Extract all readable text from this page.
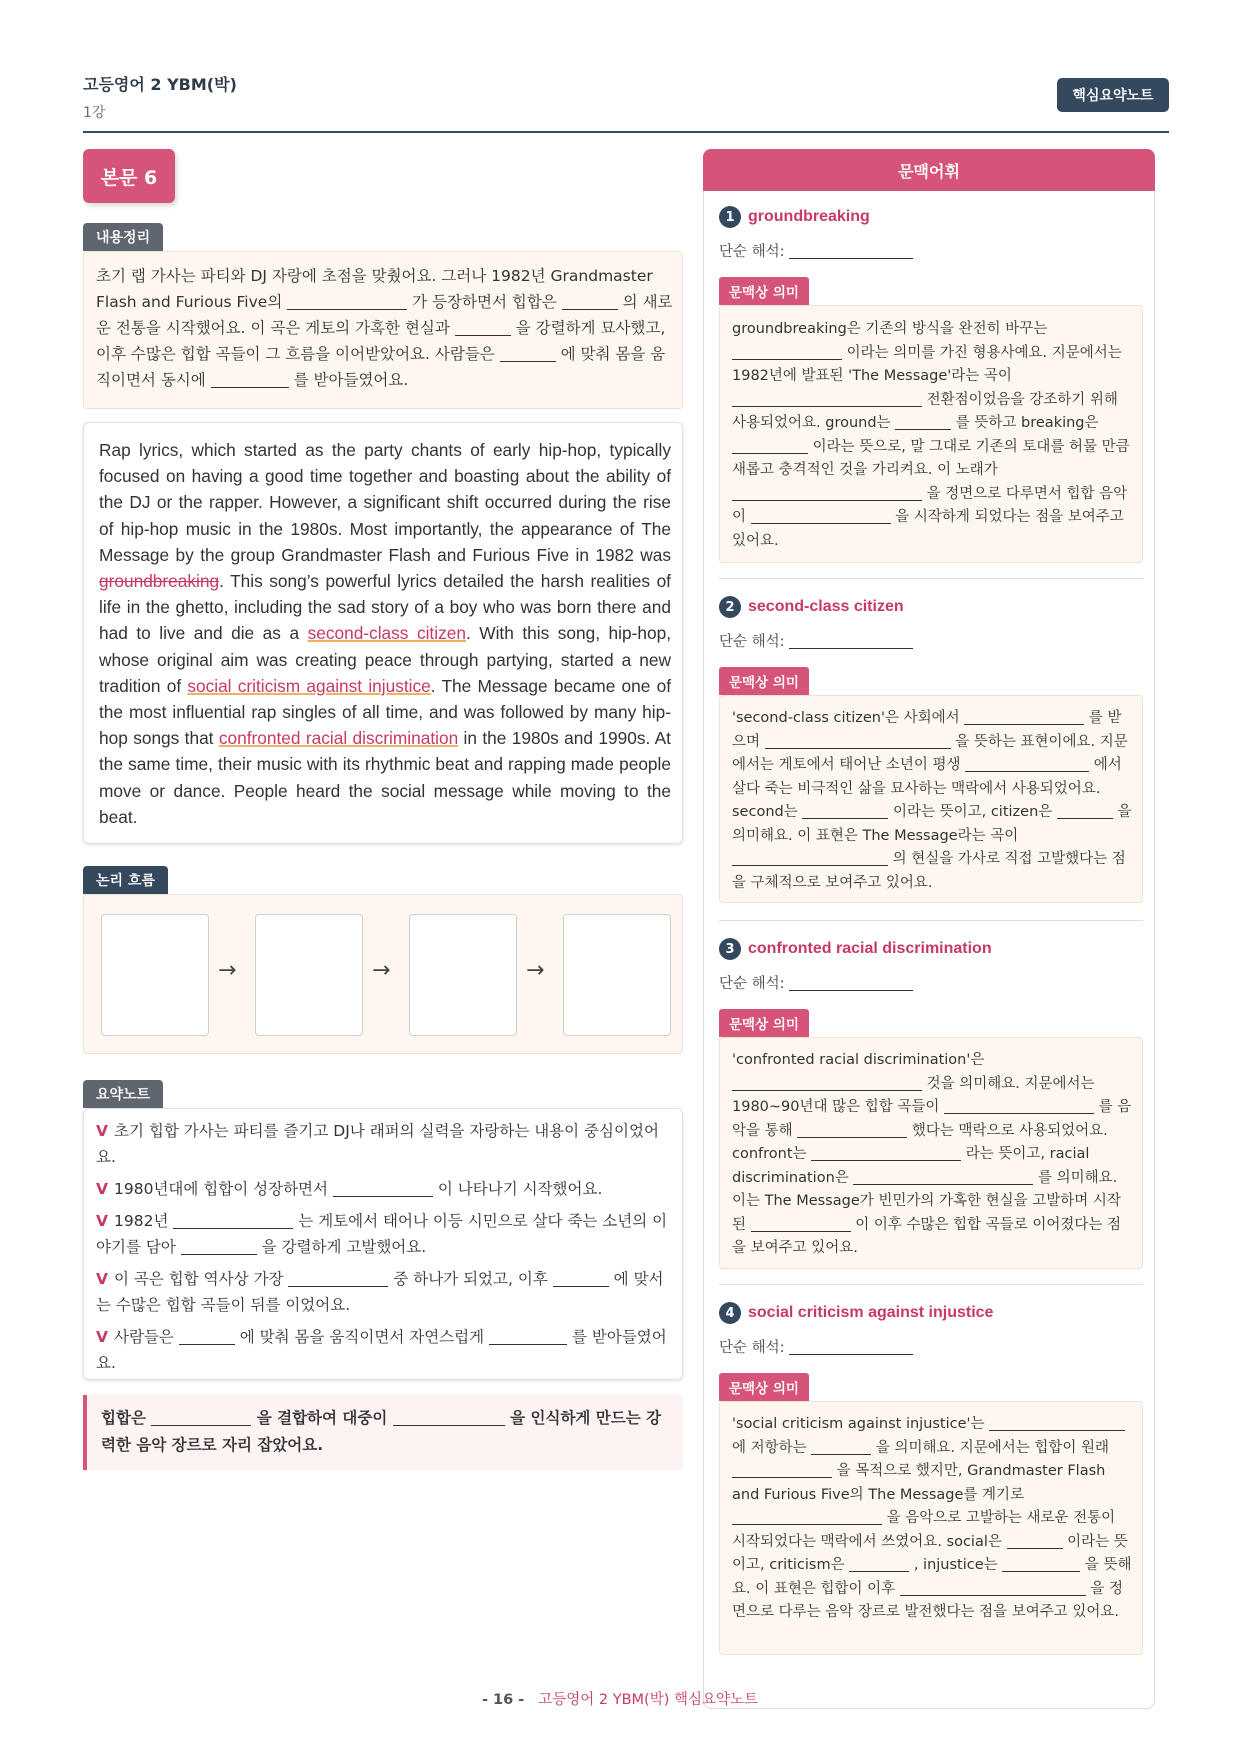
고등영어 2 YBM(박)
1강
핵심요약노트
본문 6
내용정리
초기 랩 가사는 파티와 DJ 자랑에 초점을 맞췄어요. 그러나 1982년 Grandmaster Flash and Furious Five의	가 등장하면서 힙합은	의 새로운 전통을 시작했어요. 이 곡은 게토의 가혹한 현실과	을 강렬하게 묘사했고, 이후 수많은 힙합 곡들이 그 흐름을 이어받았어요. 사람들은	에 맞춰 몸을 움직이면서 동시에	를 받아들였어요.
Rap lyrics, which started as the party chants of early hip-hop, typically focused on having a good time together and boasting about the ability of the DJ or the rapper. However, a significant shift occurred during the rise of hip-hop music in the 1980s. Most importantly, the appearance of The Message by the group Grandmaster Flash and Furious Five in 1982 was groundbreaking. This song’s powerful lyrics detailed the harsh realities of life in the ghetto, including the sad story of a boy who was born there and had to live and die as a second-class citizen. With this song, hip-hop, whose original aim was creating peace through partying, started a new tradition of social criticism against injustice. The Message became one of the most influential rap singles of all time, and was followed by many hip-hop songs that confronted racial discrimination in the 1980s and 1990s. At the same time, their music with its rhythmic beat and rapping made people move or dance. People heard the social message while moving to the beat.
논리 흐름
→	→	→
요약노트
V 초기 힙합 가사는 파티를 즐기고 DJ나 래퍼의 실력을 자랑하는 내용이 중심이었어요.
V 1980년대에 힙합이 성장하면서	이 나타나기 시작했어요.
V 1982년	는 게토에서 태어나 이등 시민으로 살다 죽는 소년의 이야기를 담아	을 강렬하게 고발했어요.
V 이 곡은 힙합 역사상 가장	중 하나가 되었고, 이후	에 맞서는 수많은 힙합 곡들이 뒤를 이었어요.
V 사람들은	에 맞춰 몸을 움직이면서 자연스럽게	를 받아들였어요.
힙합은	을 결합하여 대중이	을 인식하게 만드는 강력한 음악 장르로 자리 잡았어요.
문맥어휘
1 groundbreaking
단순 해석:
문맥상 의미
groundbreaking은 기존의 방식을 완전히 바꾸는  이라는 의미를 가진 형용사예요. 지문에서는 1982년에 발표된 'The Message'라는 곡이  전환점이었음을 강조하기 위해 사용되었어요. ground는	를 뜻하고 breaking은  이라는 뜻으로, 말 그대로 기존의 토대를 허물 만큼 새롭고 충격적인 것을 가리켜요. 이 노래가  을 정면으로 다루면서 힙합 음악이	을 시작하게 되었다는 점을 보여주고 있어요.
2 second-class citizen
단순 해석:
문맥상 의미
'second-class citizen'은 사회에서	를 받으며	을 뜻하는 표현이에요. 지문에서는 게토에서 태어난 소년이 평생	에서 살다 죽는 비극적인 삶을 묘사하는 맥락에서 사용되었어요. second는	이라는 뜻이고, citizen은	을 의미해요. 이 표현은 The Message라는 곡이  의 현실을 가사로 직접 고발했다는 점을 구체적으로 보여주고 있어요.
3 confronted racial discrimination
단순 해석:
문맥상 의미
'confronted racial discrimination'은  것을 의미해요. 지문에서는 1980~90년대 많은 힙합 곡들이	를 음악을 통해	했다는 맥락으로 사용되었어요. confront는	라는 뜻이고, racial discrimination은	를 의미해요. 이는 The Message가 빈민가의 가혹한 현실을 고발하며 시작된	이 이후 수많은 힙합 곡들로 이어졌다는 점을 보여주고 있어요.
4 social criticism against injustice
단순 해석:
문맥상 의미
'social criticism against injustice'는  에 저항하는	을 의미해요. 지문에서는 힙합이 원래  을 목적으로 했지만, Grandmaster Flash and Furious Five의 The Message를 계기로  을 음악으로 고발하는 새로운 전통이 시작되었다는 맥락에서 쓰였어요. social은	이라는 뜻이고, criticism은	, injustice는	을 뜻해요. 이 표현은 힙합이 이후	을 정면으로 다루는 음악 장르로 발전했다는 점을 보여주고 있어요.
- 16 - 고등영어 2 YBM(박) 핵심요약노트
